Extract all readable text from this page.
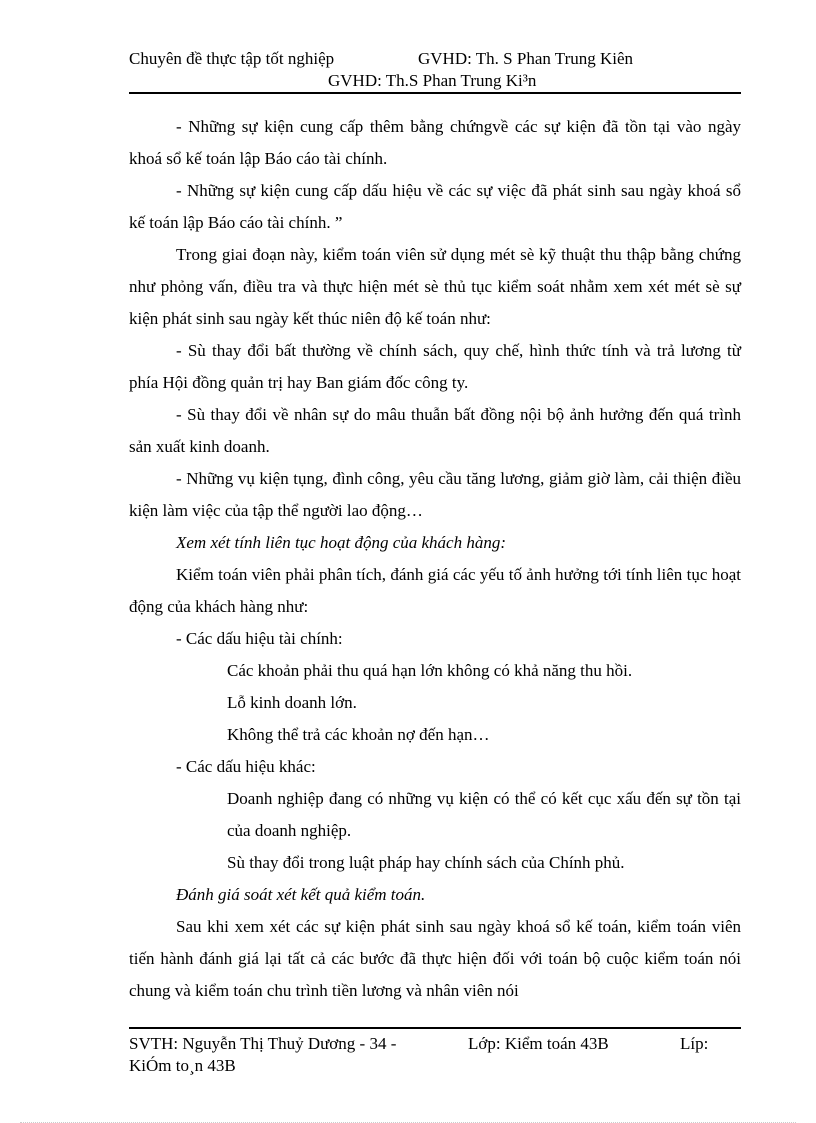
Chuyên đề thực tập tốt nghiệp	GVHD: Th. S Phan Trung Kiên
GVHD: Th.S Phan Trung Ki³n

- Những sự kiện cung cấp thêm bằng chứngvề các sự kiện đã tồn tại vào ngày khoá sổ kế toán lập Báo cáo tài chính.

- Những sự kiện cung cấp dấu hiệu về các sự việc đã phát sinh sau ngày khoá sổ kế toán lập Báo cáo tài chính. ”

Trong giai đoạn này, kiểm toán viên sử dụng mét sè kỹ thuật thu thập bằng chứng như phỏng vấn, điều tra và thực hiện mét sè thủ tục kiểm soát nhằm xem xét mét sè sự kiện phát sinh sau ngày kết thúc niên độ kế toán như:

- Sù thay đổi bất thường về chính sách, quy chế, hình thức tính và trả lương từ phía Hội đồng quản trị hay Ban giám đốc công ty.

- Sù thay đổi về nhân sự do mâu thuẫn bất đồng nội bộ ảnh hưởng đến quá trình sản xuất kinh doanh.

- Những vụ kiện tụng, đình công, yêu cầu tăng lương, giảm giờ làm, cải thiện điều kiện làm việc của tập thể người lao động…

Xem xét tính liên tục hoạt động của khách hàng:

Kiểm toán viên phải phân tích, đánh giá các yếu tố ảnh hưởng tới tính liên tục hoạt động của khách hàng như:

- Các dấu hiệu tài chính:

Các khoản phải thu quá hạn lớn không có khả năng thu hồi.

Lỗ kinh doanh lớn.

Không thể trả các khoản nợ đến hạn…

- Các dấu hiệu khác:

Doanh nghiệp đang có những vụ kiện có thể có kết cục xấu đến sự tồn tại của doanh nghiệp.

Sù thay đổi trong luật pháp hay chính sách của Chính phủ.

Đánh giá soát xét kết quả kiểm toán.

Sau khi xem xét các sự kiện phát sinh sau ngày khoá sổ kế toán, kiểm toán viên tiến hành đánh giá lại tất cả các bước đã thực hiện đối với toán bộ cuộc kiểm toán nói chung và kiểm toán chu trình tiền lương và nhân viên nói

SVTH: Nguyễn Thị Thuỷ Dương - 34 -	Lớp: Kiểm toán 43B	Líp:
KiÓm to¸n 43B
